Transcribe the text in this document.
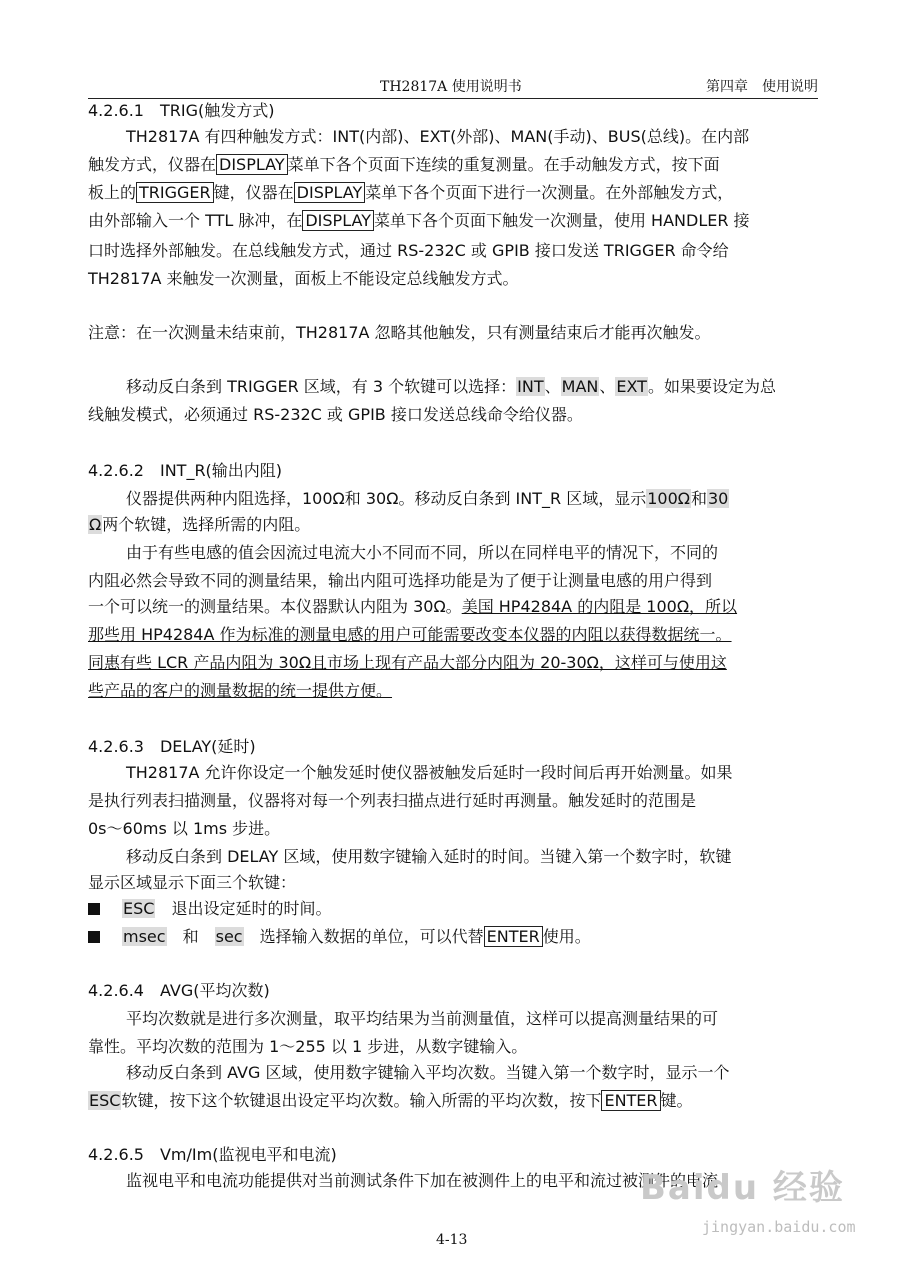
TH2817A 使用说明书	第四章　使用说明
4.2.6.1　TRIG(触发方式)
TH2817A 有四种触发方式：INT(内部)、EXT(外部)、MAN(手动)、BUS(总线)。在内部
触发方式，仪器在 DISPLAY 菜单下各个页面下连续的重复测量。在手动触发方式，按下面
板上的 TRIGGER 键，仪器在 DISPLAY 菜单下各个页面下进行一次测量。在外部触发方式，
由外部输入一个 TTL 脉冲，在 DISPLAY 菜单下各个页面下触发一次测量，使用 HANDLER 接
口时选择外部触发。在总线触发方式，通过 RS-232C 或 GPIB 接口发送 TRIGGER 命令给
TH2817A 来触发一次测量，面板上不能设定总线触发方式。
注意：在一次测量未结束前，TH2817A 忽略其他触发，只有测量结束后才能再次触发。
移动反白条到 TRIGGER 区域，有 3 个软键可以选择：INT、MAN、EXT。如果要设定为总
线触发模式，必须通过 RS-232C 或 GPIB 接口发送总线命令给仪器。
4.2.6.2　INT_R(输出内阻)
仪器提供两种内阻选择，100Ω和 30Ω。移动反白条到 INT_R 区域，显示100Ω和30
Ω两个软键，选择所需的内阻。
由于有些电感的值会因流过电流大小不同而不同，所以在同样电平的情况下，不同的
内阻必然会导致不同的测量结果，输出内阻可选择功能是为了便于让测量电感的用户得到
一个可以统一的测量结果。本仪器默认内阻为 30Ω。美国 HP4284A 的内阻是 100Ω，所以
那些用 HP4284A 作为标准的测量电感的用户可能需要改变本仪器的内阻以获得数据统一。
同惠有些 LCR 产品内阻为 30Ω且市场上现有产品大部分内阻为 20-30Ω，这样可与使用这
些产品的客户的测量数据的统一提供方便。
4.2.6.3　DELAY(延时)
TH2817A 允许你设定一个触发延时使仪器被触发后延时一段时间后再开始测量。如果
是执行列表扫描测量，仪器将对每一个列表扫描点进行延时再测量。触发延时的范围是
0s～60ms 以 1ms 步进。
移动反白条到 DELAY 区域，使用数字键输入延时的时间。当键入第一个数字时，软键
显示区域显示下面三个软键：
ESC　 退出设定延时的时间。
msec　 和　 sec　 选择输入数据的单位，可以代替 ENTER 使用。
4.2.6.4　AVG(平均次数)
平均次数就是进行多次测量，取平均结果为当前测量值，这样可以提高测量结果的可
靠性。平均次数的范围为 1～255 以 1 步进，从数字键输入。
移动反白条到 AVG 区域，使用数字键输入平均次数。当键入第一个数字时，显示一个
ESC软键，按下这个软键退出设定平均次数。输入所需的平均次数，按下 ENTER 键。
4.2.6.5　Vm/Im(监视电平和电流)
监视电平和电流功能提供对当前测试条件下加在被测件上的电平和流过被测件的电流
4-13
Baidu 经验
jingyan.baidu.com
